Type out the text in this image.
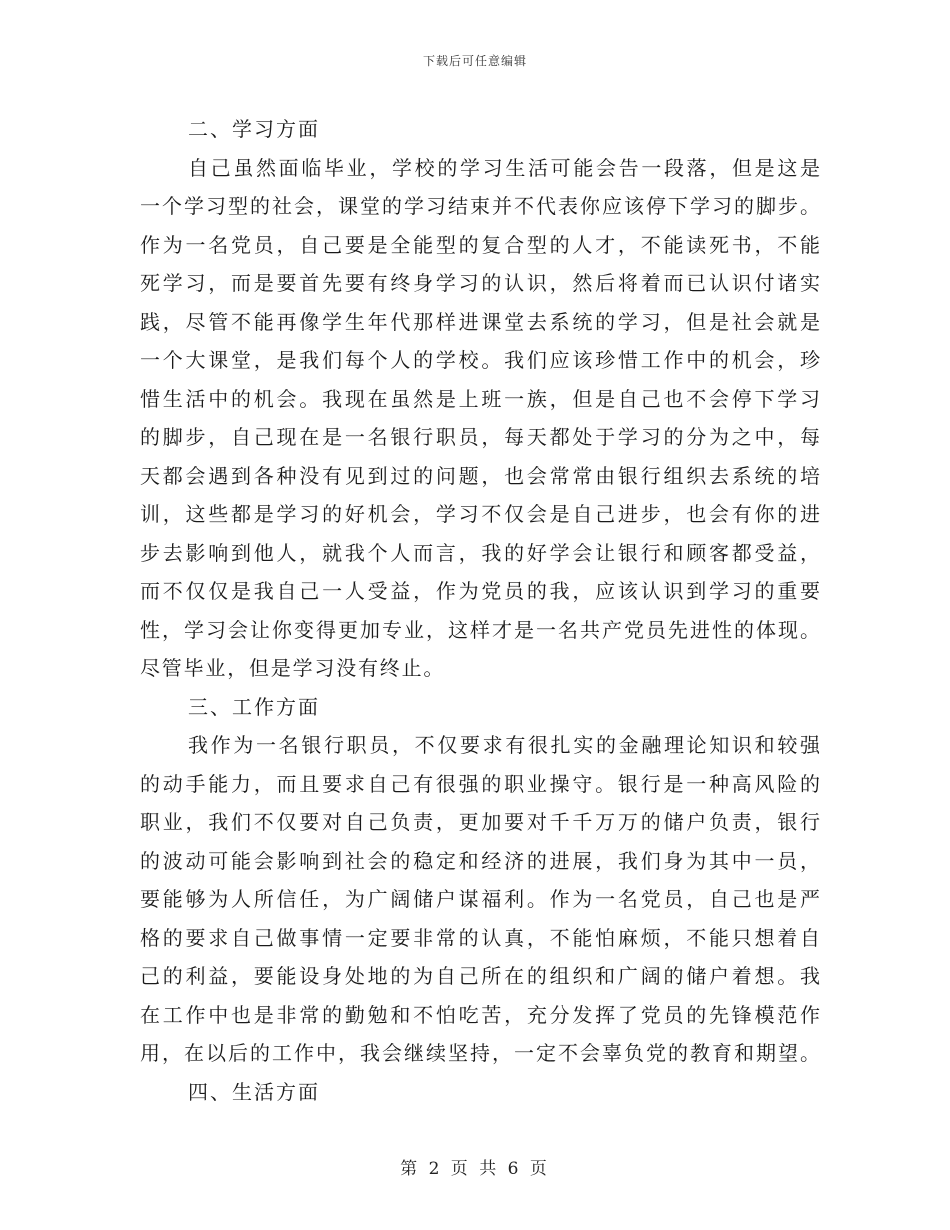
下载后可任意编辑
二、学习方面
自己虽然面临毕业，学校的学习生活可能会告一段落，但是这是
一个学习型的社会，课堂的学习结束并不代表你应该停下学习的脚步。
作为一名党员，自己要是全能型的复合型的人才，不能读死书，不能
死学习，而是要首先要有终身学习的认识，然后将着而已认识付诸实
践，尽管不能再像学生年代那样进课堂去系统的学习，但是社会就是
一个大课堂，是我们每个人的学校。我们应该珍惜工作中的机会，珍
惜生活中的机会。我现在虽然是上班一族，但是自己也不会停下学习
的脚步，自己现在是一名银行职员，每天都处于学习的分为之中，每
天都会遇到各种没有见到过的问题，也会常常由银行组织去系统的培
训，这些都是学习的好机会，学习不仅会是自己进步，也会有你的进
步去影响到他人，就我个人而言，我的好学会让银行和顾客都受益，
而不仅仅是我自己一人受益，作为党员的我，应该认识到学习的重要
性，学习会让你变得更加专业，这样才是一名共产党员先进性的体现。
尽管毕业，但是学习没有终止。
三、工作方面
我作为一名银行职员，不仅要求有很扎实的金融理论知识和较强
的动手能力，而且要求自己有很强的职业操守。银行是一种高风险的
职业，我们不仅要对自己负责，更加要对千千万万的储户负责，银行
的波动可能会影响到社会的稳定和经济的进展，我们身为其中一员，
要能够为人所信任，为广阔储户谋福利。作为一名党员，自己也是严
格的要求自己做事情一定要非常的认真，不能怕麻烦，不能只想着自
己的利益，要能设身处地的为自己所在的组织和广阔的储户着想。我
在工作中也是非常的勤勉和不怕吃苦，充分发挥了党员的先锋模范作
用，在以后的工作中，我会继续坚持，一定不会辜负党的教育和期望。
四、生活方面
第 2 页 共 6 页
